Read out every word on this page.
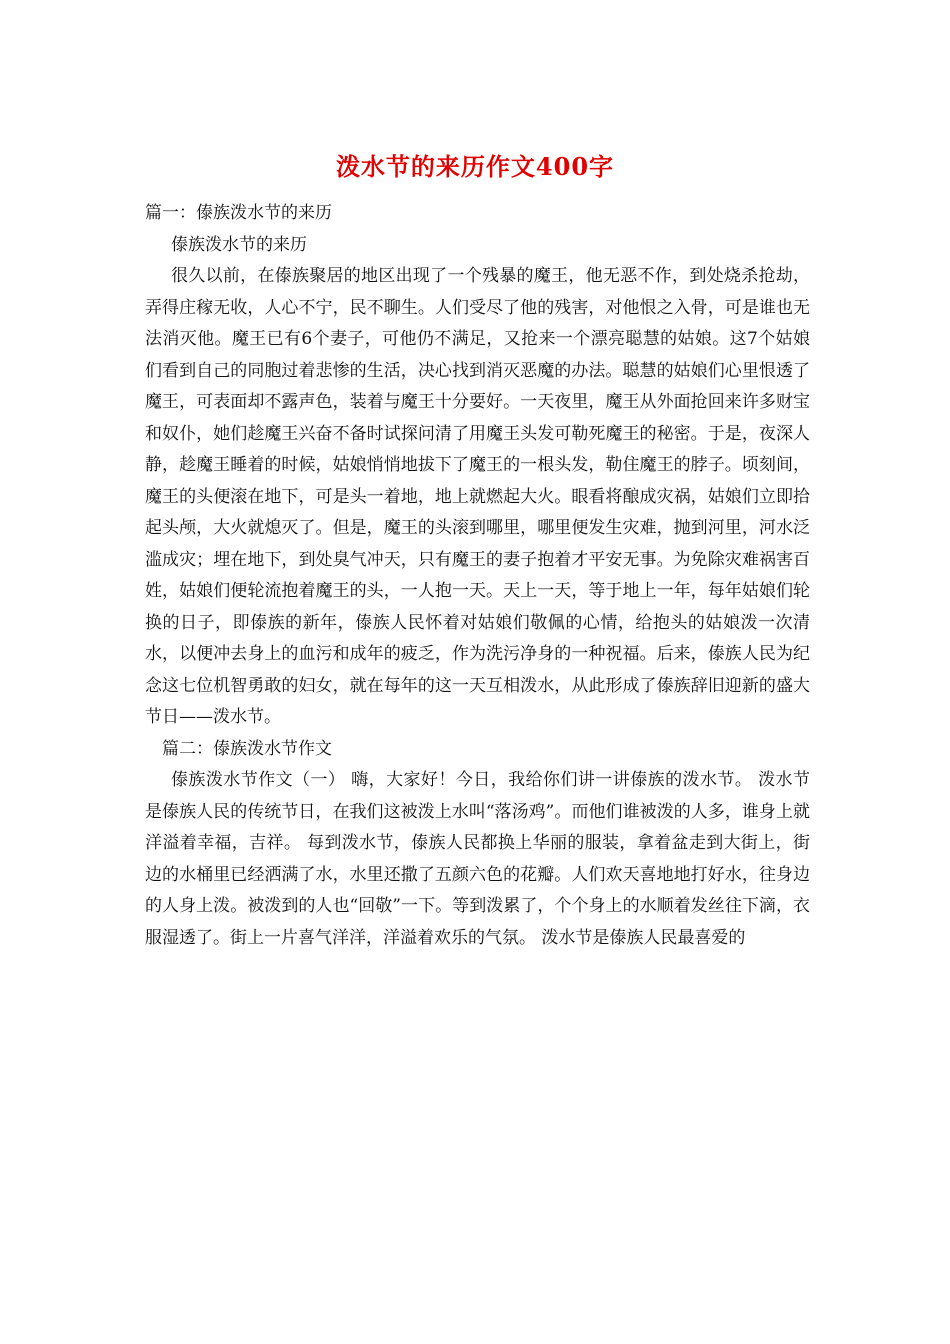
泼水节的来历作文400字

篇一：傣族泼水节的来历

傣族泼水节的来历

很久以前，在傣族聚居的地区出现了一个残暴的魔王，他无恶不作，到处烧杀抢劫，弄得庄稼无收，人心不宁，民不聊生。人们受尽了他的残害，对他恨之入骨，可是谁也无法消灭他。魔王已有6个妻子，可他仍不满足，又抢来一个漂亮聪慧的姑娘。这7个姑娘们看到自己的同胞过着悲惨的生活，决心找到消灭恶魔的办法。聪慧的姑娘们心里恨透了魔王，可表面却不露声色，装着与魔王十分要好。一天夜里，魔王从外面抢回来许多财宝和奴仆，她们趁魔王兴奋不备时试探问清了用魔王头发可勒死魔王的秘密。于是，夜深人静，趁魔王睡着的时候，姑娘悄悄地拔下了魔王的一根头发，勒住魔王的脖子。顷刻间，魔王的头便滚在地下，可是头一着地，地上就燃起大火。眼看将酿成灾祸，姑娘们立即拾起头颅，大火就熄灭了。但是，魔王的头滚到哪里，哪里便发生灾难，抛到河里，河水泛滥成灾；埋在地下，到处臭气冲天，只有魔王的妻子抱着才平安无事。为免除灾难祸害百姓，姑娘们便轮流抱着魔王的头，一人抱一天。天上一天，等于地上一年，每年姑娘们轮换的日子，即傣族的新年，傣族人民怀着对姑娘们敬佩的心情，给抱头的姑娘泼一次清水，以便冲去身上的血污和成年的疲乏，作为洗污净身的一种祝福。后来，傣族人民为纪念这七位机智勇敢的妇女，就在每年的这一天互相泼水，从此形成了傣族辞旧迎新的盛大节日——泼水节。

篇二：傣族泼水节作文

傣族泼水节作文（一） 嗨，大家好！今日，我给你们讲一讲傣族的泼水节。 泼水节是傣族人民的传统节日，在我们这被泼上水叫“落汤鸡”。而他们谁被泼的人多，谁身上就洋溢着幸福，吉祥。 每到泼水节，傣族人民都换上华丽的服装，拿着盆走到大街上，街边的水桶里已经洒满了水，水里还撒了五颜六色的花瓣。人们欢天喜地地打好水，往身边的人身上泼。被泼到的人也“回敬”一下。等到泼累了，个个身上的水顺着发丝往下滴，衣服湿透了。街上一片喜气洋洋，洋溢着欢乐的气氛。 泼水节是傣族人民最喜爱的
